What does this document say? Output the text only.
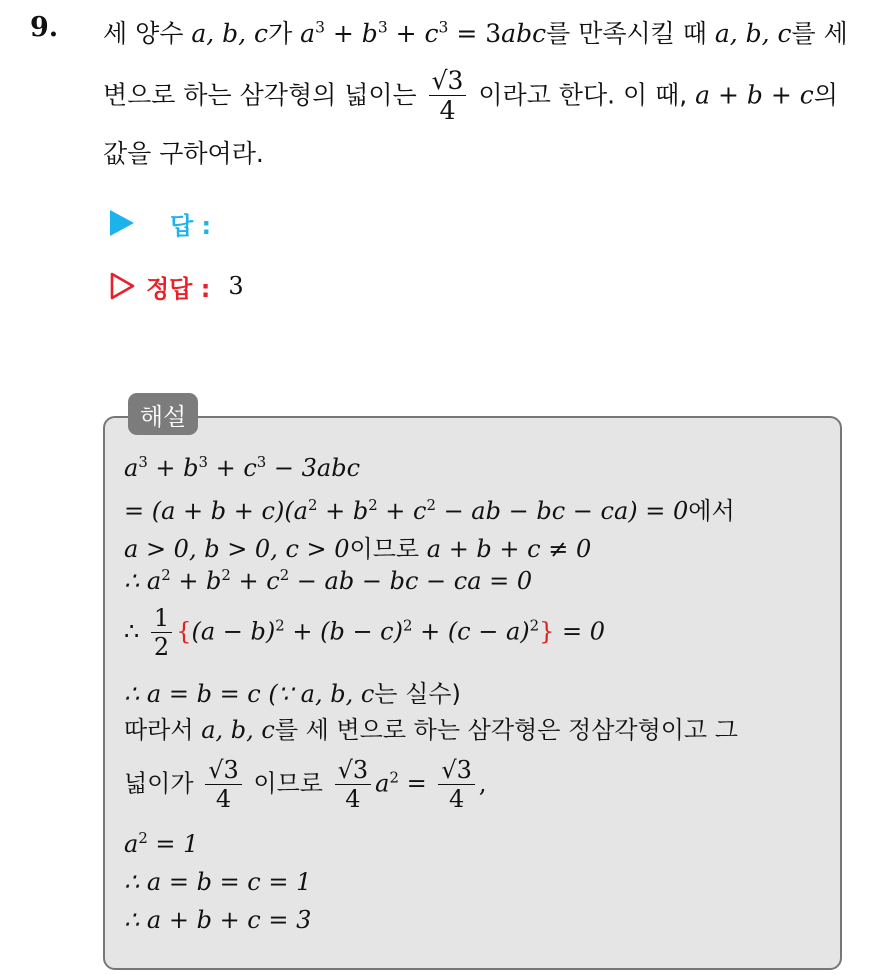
9. 세 양수 a, b, c가 $a^3 + b^3 + c^3 = 3abc$를 만족시킬 때 a, b, c를 세
변으로 하는 삼각형의 넓이는 $\frac{√3}{4}$ 이라고 한다. 이 때, a + b + c의
값을 구하여라.
답 :
정답 : 3
해설
$a^3 + b^3 + c^3 - 3abc$
= $(a + b + c)(a^2 + b^2 + c^2$ − ab − bc − ca) = 0에서
a > 0, b > 0, c > 0이므로 a + b + c ≠ 0
∴ $a^2 + b^2 + c^2$ − ab − bc − ca = 0
∴ $\frac{1}{2} \{(a - b)^2 + (b - c)^2 + (c - a)^2\} = 0$
∴ a = b = c (∵ a, b, c는 실수)
따라서 a, b, c를 세 변으로 하는 삼각형은 정삼각형이고 그
넓이가 $\frac{√3}{4}$ 이므로 $\frac{√3}{4} a^2 = \frac{√3}{4}$ ,
$a^2 = 1$
∴ a = b = c = 1
∴ a + b + c = 3
